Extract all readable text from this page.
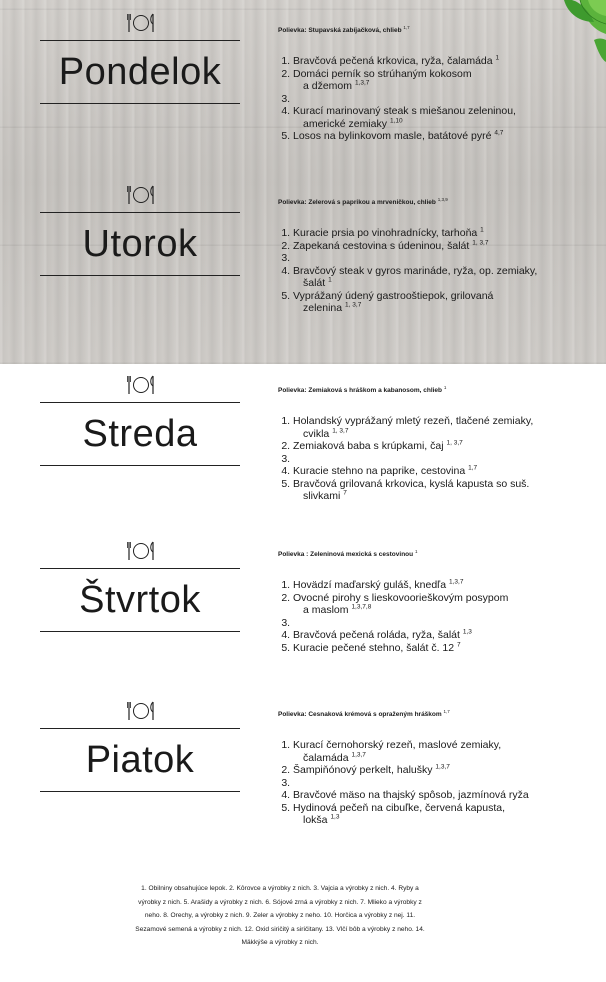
Pondelok
Polievka: Stupavská zabíjačková, chlieb $^{1,7}$
1. Bravčová pečená krkovica, ryža, čalamáda $^1$
2. Domáci perník so strúhaným kokosom
a džemom $^{1,3,7}$
3.
4. Kurací marinovaný steak s miešanou zeleninou,
americké zemiaky $^{1,10}$
5. Losos na bylinkovom masle, batátové pyré $^{4,7}$
Utorok
Polievka: Zelerová s paprikou a mrveničkou, chlieb $^{1,3,9}$
1. Kuracie prsia po vinohradnícky, tarhoňa $^1$
2. Zapekaná cestovina s údeninou, šalát $^{1, 3,7}$
3.
4. Bravčový steak v gyros marináde, ryža, op. zemiaky,
šalát $^1$
5. Vyprážaný údený gastrooštiepok, grilovaná
zelenina $^{1, 3,7}$
Streda
Polievka: Zemiaková s hráškom a kabanosom, chlieb $^1$
1. Holandský vyprážaný mletý rezeň, tlačené zemiaky,
cvikla $^{1, 3,7}$
2. Zemiaková baba s krúpkami, čaj $^{1, 3,7}$
3.
4. Kuracie stehno na paprike, cestovina $^{1,7}$
5. Bravčová grilovaná krkovica, kyslá kapusta so suš.
slivkami $^7$
Štvrtok
Polievka : Zeleninová mexická s cestovinou $^1$
1. Hovädzí maďarský guláš, knedľa $^{1,3,7}$
2. Ovocné pirohy s lieskovoorieškovým posypom
a maslom $^{1,3,7,8}$
3.
4. Bravčová pečená roláda, ryža, šalát $^{1,3}$
5. Kuracie pečené stehno, šalát č. 12 $^7$
Piatok
Polievka: Cesnaková krémová s opraženým hráškom $^{1,7}$
1. Kurací černohorský rezeň, maslové zemiaky,
čalamáda $^{1,3,7}$
2. Šampiňónový perkelt, halušky $^{1,3,7}$
3.
4. Bravčové mäso na thajský spôsob, jazmínová ryža
5. Hydinová pečeň na cibuľke, červená kapusta,
lokša $^{1,3}$
1. Obilniny obsahujúce lepok. 2. Kôrovce a výrobky z nich. 3. Vajcia a výrobky z nich. 4. Ryby a
výrobky z nich. 5. Arašidy a výrobky z nich. 6. Sójové zrná a výrobky z nich. 7. Mlieko a výrobky z
neho. 8. Orechy, a výrobky z nich. 9. Zeler a výrobky z neho. 10. Horčica a výrobky z nej. 11.
Sezamové semená a výrobky z nich. 12. Oxid siričitý a siričitany. 13. Vlčí bôb a výrobky z neho. 14.
Mäkkýše a výrobky z nich.
